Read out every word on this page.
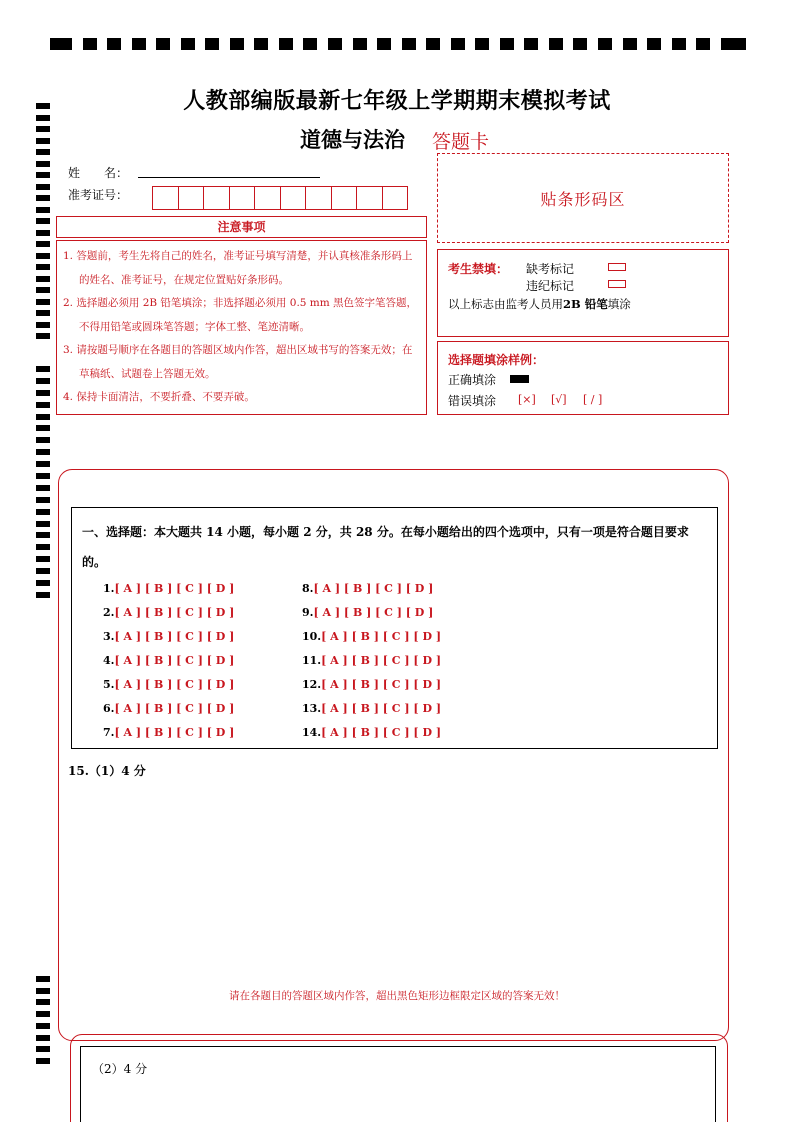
人教部编版最新七年级上学期期末模拟考试
道德与法治 答题卡
姓　　名：
准考证号：	贴条形码区
注意事项

1. 答题前，考生先将自己的姓名，准考证号填写清楚，并认真核准条形码上的姓名、准考证号，在规定位置贴好条形码。

2. 选择题必须用 2B 铅笔填涂；非选择题必须用 0.5 mm 黑色签字笔答题，不得用铅笔或圆珠笔答题；字体工整、笔迹清晰。

3. 请按题号顺序在各题目的答题区域内作答，超出区域书写的答案无效；在草稿纸、试题卷上答题无效。

4. 保持卡面清洁，不要折叠、不要弄破。

考生禁填： 缺考标记
违纪标记
以上标志由监考人员用2B 铅笔填涂
选择题填涂样例：
正确填涂
错误填涂 [×] [√] [ / ]
一、选择题：本大题共 14 小题，每小题 2 分，共 28 分。在每小题给出的四个选项中，只有一项是符合题目要求的。
1.[ A ] [ B ] [ C ] [ D ]
2.[ A ] [ B ] [ C ] [ D ]
3.[ A ] [ B ] [ C ] [ D ]
4.[ A ] [ B ] [ C ] [ D ]
5.[ A ] [ B ] [ C ] [ D ]
6.[ A ] [ B ] [ C ] [ D ]
7.[ A ] [ B ] [ C ] [ D ]
8.[ A ] [ B ] [ C ] [ D ]
9.[ A ] [ B ] [ C ] [ D ]
10.[ A ] [ B ] [ C ] [ D ]
11.[ A ] [ B ] [ C ] [ D ]
12.[ A ] [ B ] [ C ] [ D ]
13.[ A ] [ B ] [ C ] [ D ]
14.[ A ] [ B ] [ C ] [ D ]
15.（1）4 分
请在各题目的答题区域内作答，超出黑色矩形边框限定区域的答案无效！
（2）4 分
